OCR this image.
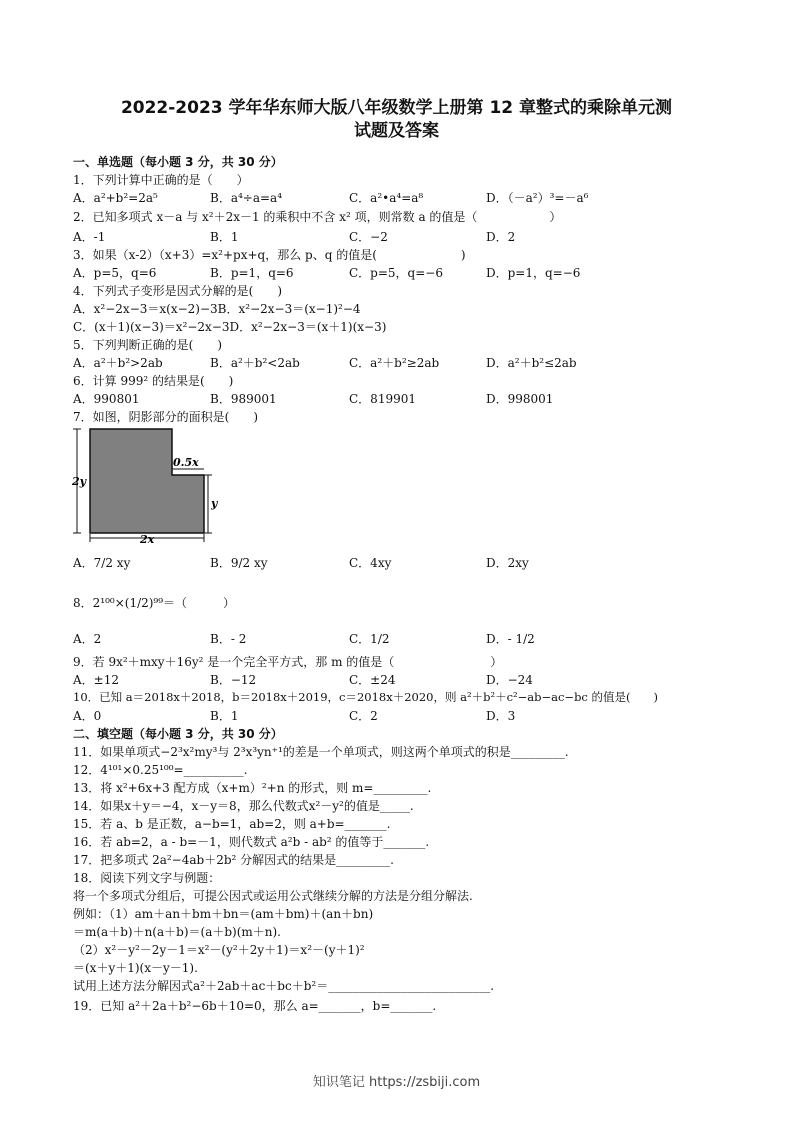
2022-2023 学年华东师大版八年级数学上册第 12 章整式的乘除单元测
试题及答案
一、单选题（每小题 3 分，共 30 分）
1．下列计算中正确的是（　　）
A．a²+b²=2a⁵	B．a⁴÷a=a⁴	C．a²•a⁴=a⁸	D．（－a²）³=－a⁶
2．已知多项式 x－a 与 x²＋2x－1 的乘积中不含 x² 项，则常数 a 的值是（　　　　　　）
A．-1	B．1	C．−2	D．2
3．如果（x-2）（x+3）=x²+px+q，那么 p、q 的值是(　　　　　　　)
A．p=5，q=6	B．p=1，q=6	C．p=5，q=−6	D．p=1，q=−6
4．下列式子变形是因式分解的是(　　)
A．x²−2x−3＝x(x−2)−3B．x²−2x−3＝(x−1)²−4
C．(x＋1)(x−3)＝x²−2x−3D．x²−2x−3＝(x＋1)(x−3)
5．下列判断正确的是(　　)
A．a²＋b²>2ab	B．a²＋b²<2ab	C．a²＋b²≥2ab	D．a²＋b²≤2ab
6．计算 999² 的结果是(　　)
A．990801	B．989001	C．819901	D．998001
7．如图，阴影部分的面积是(　　)
2y
0.5x
y
2x
A．7/2 xy	B．9/2 xy	C．4xy	D．2xy
8．2¹⁰⁰×(1/2)⁹⁹＝（　　　）
A．2	B．- 2	C．1/2	D．- 1/2
9．若 9x²＋mxy＋16y² 是一个完全平方式，那 m 的值是（　　　　　　　　）
A．±12	B．−12	C．±24	D．−24
10．已知 a＝2018x＋2018，b＝2018x＋2019，c＝2018x＋2020，则 a²＋b²＋c²−ab−ac−bc 的值是(　　)
A．0	B．1	C．2	D．3
二、填空题（每小题 3 分，共 30 分）
11．如果单项式−2³x²my³与 2³x³yn⁺¹的差是一个单项式，则这两个单项式的积是_________.
12．4¹⁰¹×0.25¹⁰⁰=__________.
13．将 x²+6x+3 配方成（x+m）²+n 的形式，则 m=_________.
14．如果x＋y＝−4，x－y＝8，那么代数式x²－y²的值是_____.
15．若 a、b 是正数，a−b=1，ab=2，则 a+b=_______.
16．若 ab=2，a - b=－1，则代数式 a²b - ab² 的值等于_______.
17．把多项式 2a²−4ab＋2b² 分解因式的结果是_________.
18．阅读下列文字与例题：
将一个多项式分组后，可提公因式或运用公式继续分解的方法是分组分解法.
例如：（1）am＋an＋bm＋bn＝(am＋bm)＋(an＋bn)
＝m(a＋b)＋n(a＋b)＝(a＋b)(m＋n).
（2）x²－y²－2y－1＝x²－(y²＋2y＋1)＝x²－(y＋1)²
＝(x＋y＋1)(x－y－1).
试用上述方法分解因式a²＋2ab＋ac＋bc＋b²＝___________________________.
19．已知 a²＋2a＋b²−6b＋10=0，那么 a=_______，b=_______.
知识笔记 https://zsbiji.com
